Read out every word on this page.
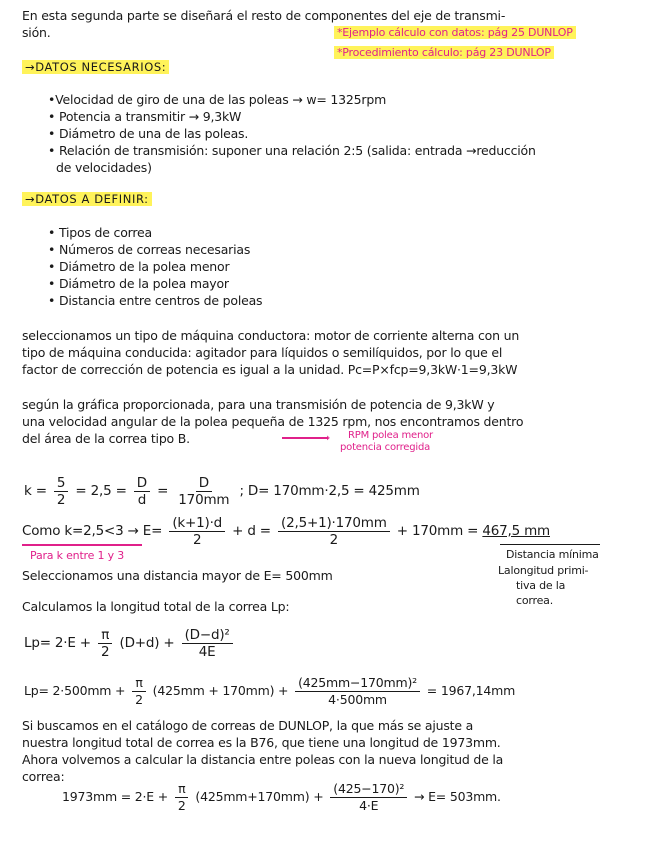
En esta segunda parte se diseñará el resto de componentes del eje de transmi-
sión.	*Ejemplo cálculo con datos: pág 25 DUNLOP
*Procedimiento cálculo: pág 23 DUNLOP
→DATOS NECESARIOS:
•Velocidad de giro de una de las poleas → w= 1325rpm
• Potencia a transmitir → 9,3kW
• Diámetro de una de las poleas.
• Relación de transmisión: suponer una relación 2:5 (salida: entrada →reducción
de velocidades)
→DATOS A DEFINIR:
• Tipos de correa
• Números de correas necesarias
• Diámetro de la polea menor
• Diámetro de la polea mayor
• Distancia entre centros de poleas
seleccionamos un tipo de máquina conductora: motor de corriente alterna con un
tipo de máquina conducida: agitador para líquidos o semilíquidos, por lo que el
factor de corrección de potencia es igual a la unidad. Pc=P×fcp=9,3kW·1=9,3kW
según la gráfica proporcionada, para una transmisión de potencia de 9,3kW y
una velocidad angular de la polea pequeña de 1325 rpm, nos encontramos dentro
del área de la correa tipo B.	› RPM polea menor
potencia corregida
$k = \frac{5}{2} = 2,5 = \frac{D}{d} = \frac{D}{170mm}$ ; D= 170mm·2,5 = 425mm
Como $k=2,5<3 \to E= \frac{(k+1)\cdot d}{2} + d = \frac{(2,5+1)\cdot 170mm}{2} + 170mm = 467,5$ mm
Para k entre 1 y 3	Distancia mínima
Seleccionamos una distancia mayor de E= 500mm	Lalongitud primi-
tiva de la
correa.
Calculamos la longitud total de la correa Lp:
$Lp= 2\cdot E + \frac{\pi}{2} (D+d) + \frac{\text{(D−d)²}}{4E}$
$Lp= 2\cdot 500mm + \frac{\pi}{2} (425mm + 170mm) + \frac{\text{(425mm−170mm)²}}{4\cdot 500mm} = 1967,14mm$
Si buscamos en el catálogo de correas de DUNLOP, la que más se ajuste a
nuestra longitud total de correa es la B76, que tiene una longitud de 1973mm.
Ahora volvemos a calcular la distancia entre poleas con la nueva longitud de la
correa:
$1973mm = 2\cdot E + \frac{\pi}{2} (425mm+170mm) + \frac{\text{(425−170)²}}{4\cdot E} \to E= 503mm$.
